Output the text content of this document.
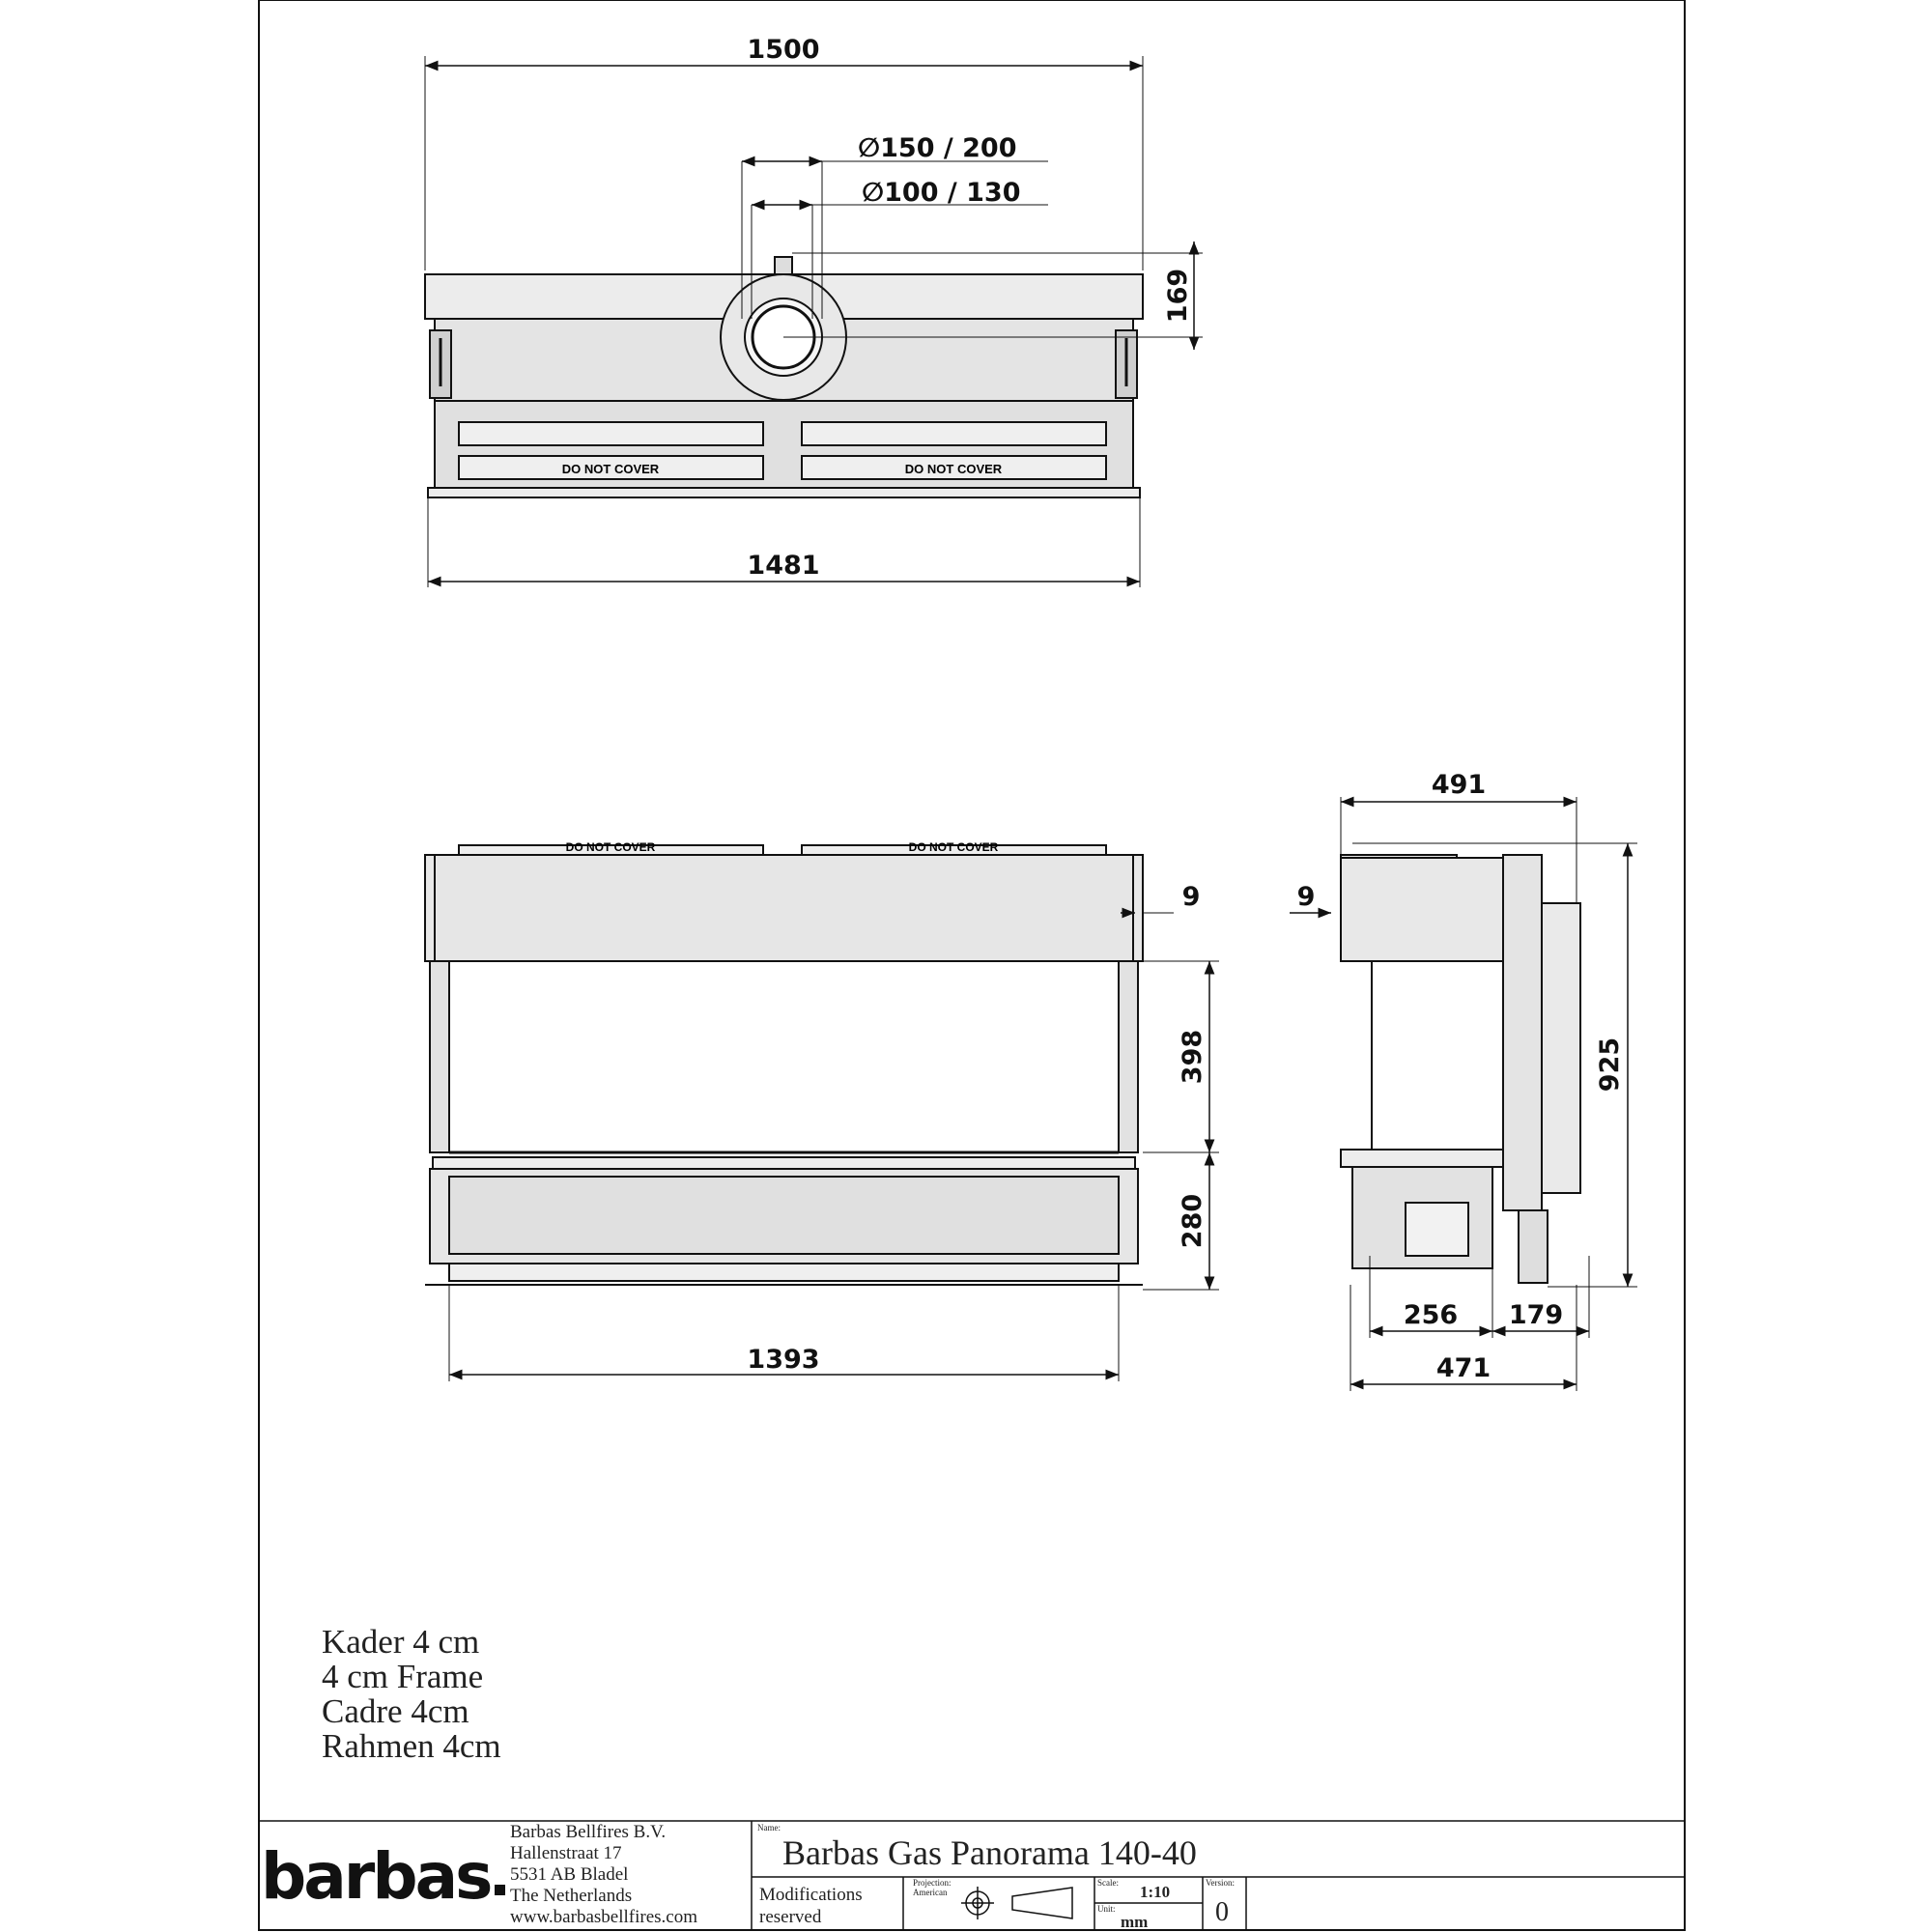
DO NOT COVER	DO NOT COVER
1500
∅150 / 200
∅100 / 130
169
1481
DO NOT COVER	DO NOT COVER
9
398
280
1393
491
9
925
256 179
471
barbas
Barbas Bellfires B.V.
Hallenstraat 17
5531 AB Bladel
The Netherlands
www.barbasbellfires.com
Name:
Barbas Gas Panorama 140-40
Modifications
reserved
Projection:
American
Scale: 1:10
Unit:
mm
Version:
0
Kader 4 cm
4 cm Frame
Cadre 4cm
Rahmen 4cm
